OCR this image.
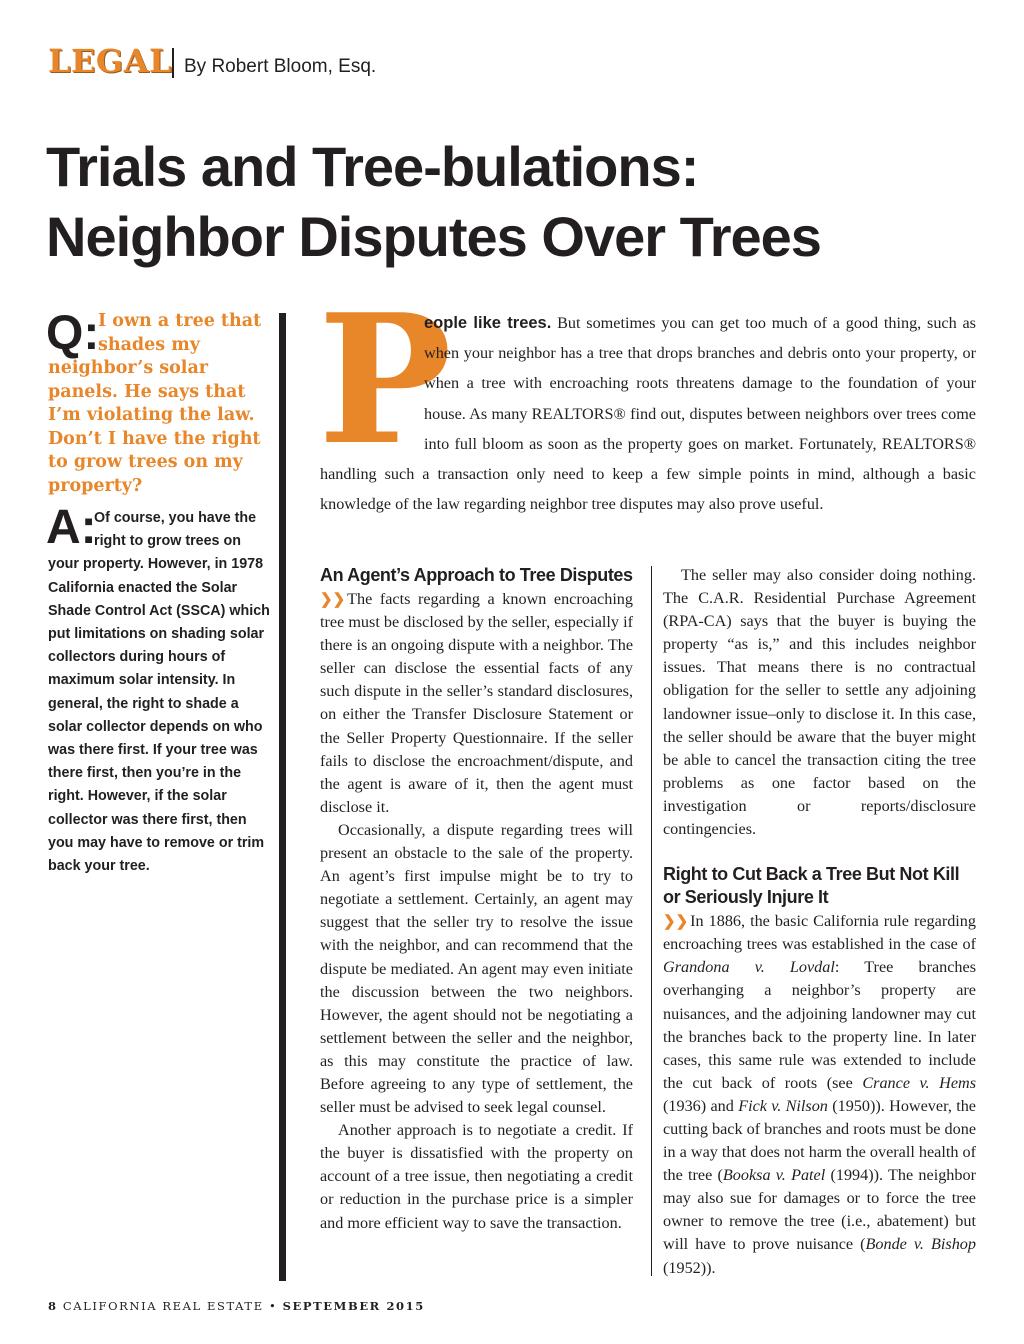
LEGAL By Robert Bloom, Esq.
Trials and Tree-bulations:
Neighbor Disputes Over Trees
Q:
I own a tree that shades my neighbor’s solar panels. He says that I’m violating the law. Don’t I have the right to grow trees on my property?
A:
Of course, you have the right to grow trees on your property. However, in 1978 California enacted the Solar Shade Control Act (SSCA) which put limitations on shading solar collectors during hours of maximum solar intensity. In general, the right to shade a solar collector depends on who was there first. If your tree was there first, then you’re in the right. However, if the solar collector was there first, then you may have to remove or trim back your tree.
P
eople like trees. But sometimes you can get too much of a good thing, such as when your neighbor has a tree that drops branches and debris onto your property, or when a tree with encroaching roots threatens damage to the foundation of your house. As many REALTORS® find out, disputes between neighbors over trees come into full bloom as soon as the property goes on market. Fortunately, REALTORS® handling such a transaction only need to keep a few simple points in mind, although a basic knowledge of the law regarding neighbor tree disputes may also prove useful.
An Agent’s Approach to Tree Disputes

❯❯ The facts regarding a known encroaching tree must be disclosed by the seller, especially if there is an ongoing dispute with a neighbor. The seller can disclose the essential facts of any such dispute in the seller’s standard disclosures, on either the Transfer Disclosure Statement or the Seller Property Questionnaire. If the seller fails to disclose the encroachment/dispute, and the agent is aware of it, then the agent must disclose it.

Occasionally, a dispute regarding trees will present an obstacle to the sale of the property. An agent’s first impulse might be to try to negotiate a settlement. Certainly, an agent may suggest that the seller try to resolve the issue with the neighbor, and can recommend that the dispute be mediated. An agent may even initiate the discussion between the two neighbors. However, the agent should not be negotiating a settlement between the seller and the neighbor, as this may constitute the practice of law. Before agreeing to any type of settlement, the seller must be advised to seek legal counsel.

Another approach is to negotiate a credit. If the buyer is dissatisfied with the property on account of a tree issue, then negotiating a credit or reduction in the purchase price is a simpler and more efficient way to save the transaction.

The seller may also consider doing nothing. The C.A.R. Residential Purchase Agreement (RPA-CA) says that the buyer is buying the property “as is,” and this includes neighbor issues. That means there is no contractual obligation for the seller to settle any adjoining landowner issue–only to disclose it. In this case, the seller should be aware that the buyer might be able to cancel the transaction citing the tree problems as one factor based on the investigation or reports/disclosure contingencies.

Right to Cut Back a Tree But Not Kill or Seriously Injure It

❯❯ In 1886, the basic California rule regarding encroaching trees was established in the case of Grandona v. Lovdal: Tree branches overhanging a neighbor’s property are nuisances, and the adjoining landowner may cut the branches back to the property line. In later cases, this same rule was extended to include the cut back of roots (see Crance v. Hems (1936) and Fick v. Nilson (1950)). However, the cutting back of branches and roots must be done in a way that does not harm the overall health of the tree (Booksa v. Patel (1994)). The neighbor may also sue for damages or to force the tree owner to remove the tree (i.e., abatement) but will have to prove nuisance (Bonde v. Bishop (1952)).

8 CALIFORNIA REAL ESTATE • SEPTEMBER 2015
